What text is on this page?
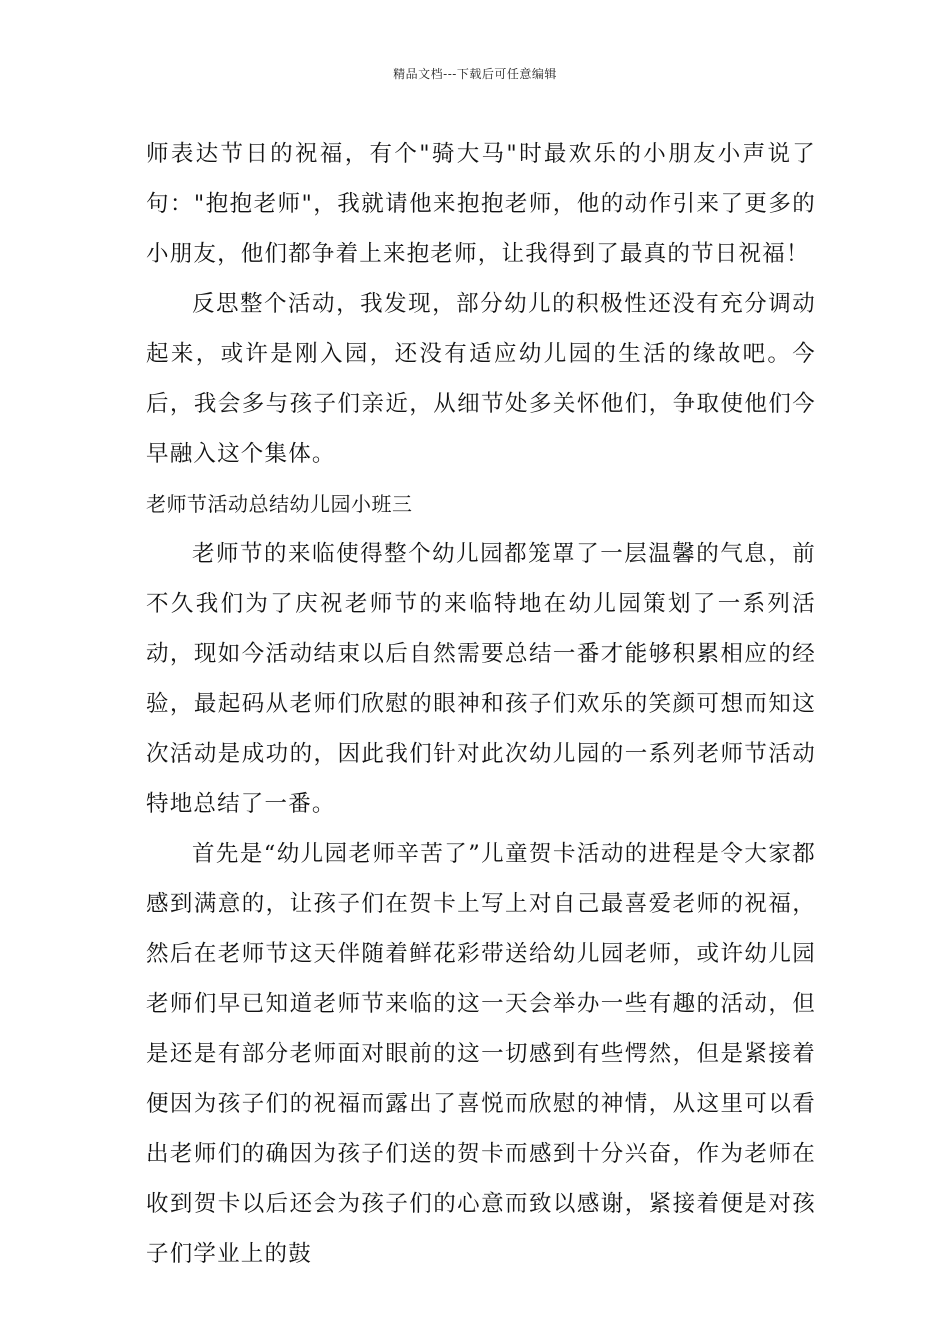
精品文档---下载后可任意编辑

师表达节日的祝福，有个"骑大马"时最欢乐的小朋友小声说了句："抱抱老师"，我就请他来抱抱老师，他的动作引来了更多的小朋友，他们都争着上来抱老师，让我得到了最真的节日祝福！

反思整个活动，我发现，部分幼儿的积极性还没有充分调动起来，或许是刚入园，还没有适应幼儿园的生活的缘故吧。今后，我会多与孩子们亲近，从细节处多关怀他们，争取使他们今早融入这个集体。

老师节活动总结幼儿园小班三

老师节的来临使得整个幼儿园都笼罩了一层温馨的气息，前不久我们为了庆祝老师节的来临特地在幼儿园策划了一系列活动，现如今活动结束以后自然需要总结一番才能够积累相应的经验，最起码从老师们欣慰的眼神和孩子们欢乐的笑颜可想而知这次活动是成功的，因此我们针对此次幼儿园的一系列老师节活动特地总结了一番。

首先是“幼儿园老师辛苦了”儿童贺卡活动的进程是令大家都感到满意的，让孩子们在贺卡上写上对自己最喜爱老师的祝福，然后在老师节这天伴随着鲜花彩带送给幼儿园老师，或许幼儿园老师们早已知道老师节来临的这一天会举办一些有趣的活动，但是还是有部分老师面对眼前的这一切感到有些愕然，但是紧接着便因为孩子们的祝福而露出了喜悦而欣慰的神情，从这里可以看出老师们的确因为孩子们送的贺卡而感到十分兴奋，作为老师在收到贺卡以后还会为孩子们的心意而致以感谢，紧接着便是对孩子们学业上的鼓
